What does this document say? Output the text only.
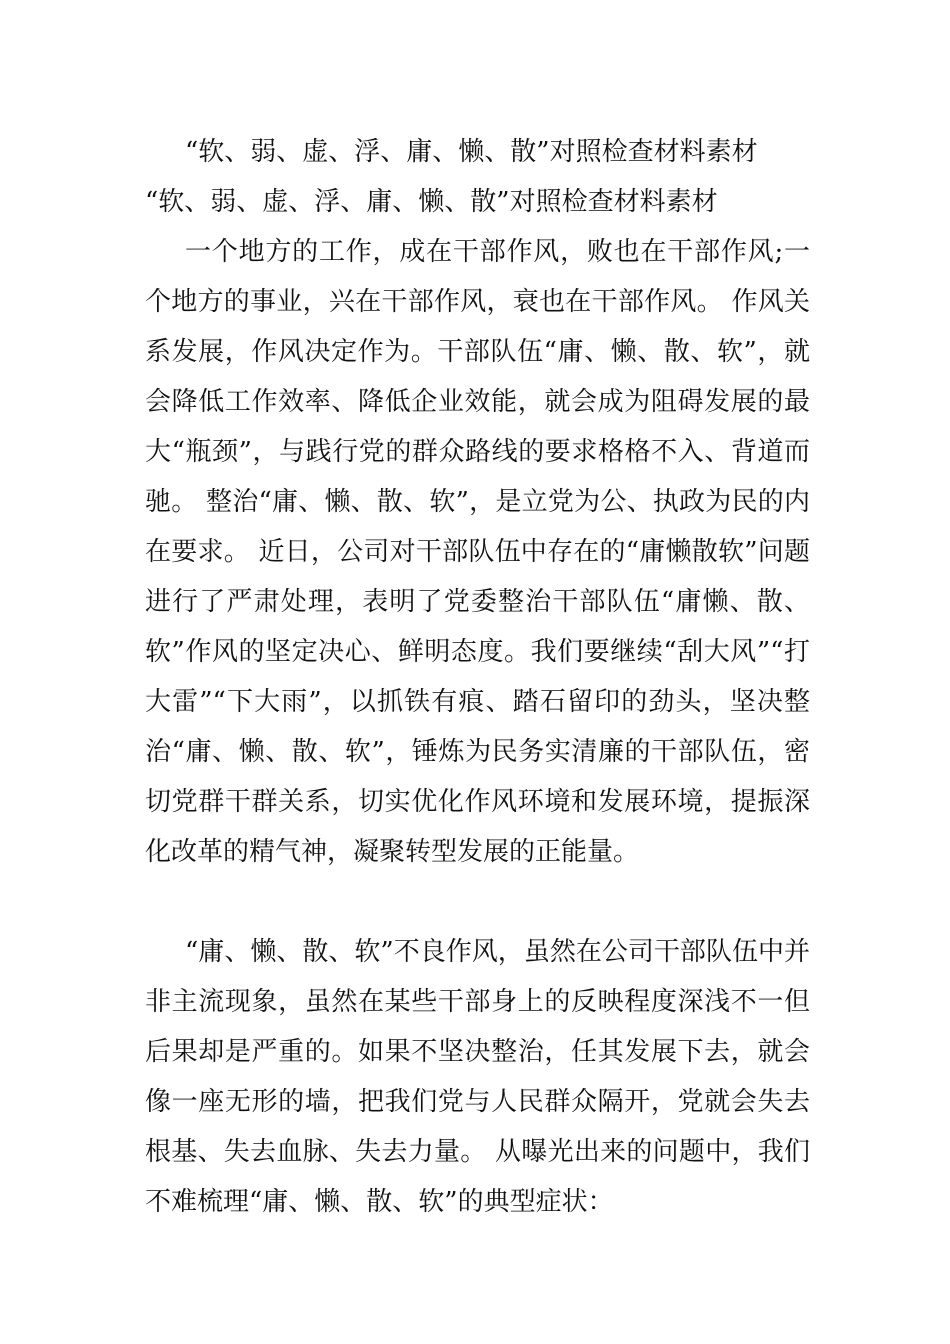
“软、弱、虚、浮、庸、懒、散”对照检查材料素材
“软、弱、虚、浮、庸、懒、散”对照检查材料素材
一个地方的工作，成在干部作风，败也在干部作风;一个地方的事业，兴在干部作风，衰也在干部作风。 作风关系发展，作风决定作为。干部队伍“庸、懒、散、软”，就会降低工作效率、降低企业效能，就会成为阻碍发展的最大“瓶颈”，与践行党的群众路线的要求格格不入、背道而驰。 整治“庸、懒、散、软”，是立党为公、执政为民的内在要求。 近日，公司对干部队伍中存在的“庸懒散软”问题进行了严肃处理，表明了党委整治干部队伍“庸懒、散、软”作风的坚定决心、鲜明态度。我们要继续“刮大风”“打大雷”“下大雨”，以抓铁有痕、踏石留印的劲头，坚决整治“庸、懒、散、软”，锤炼为民务实清廉的干部队伍，密切党群干群关系，切实优化作风环境和发展环境，提振深化改革的精气神，凝聚转型发展的正能量。
“庸、懒、散、软”不良作风，虽然在公司干部队伍中并非主流现象，虽然在某些干部身上的反映程度深浅不一但后果却是严重的。如果不坚决整治，任其发展下去，就会像一座无形的墙，把我们党与人民群众隔开，党就会失去根基、失去血脉、失去力量。 从曝光出来的问题中，我们不难梳理“庸、懒、散、软”的典型症状：
